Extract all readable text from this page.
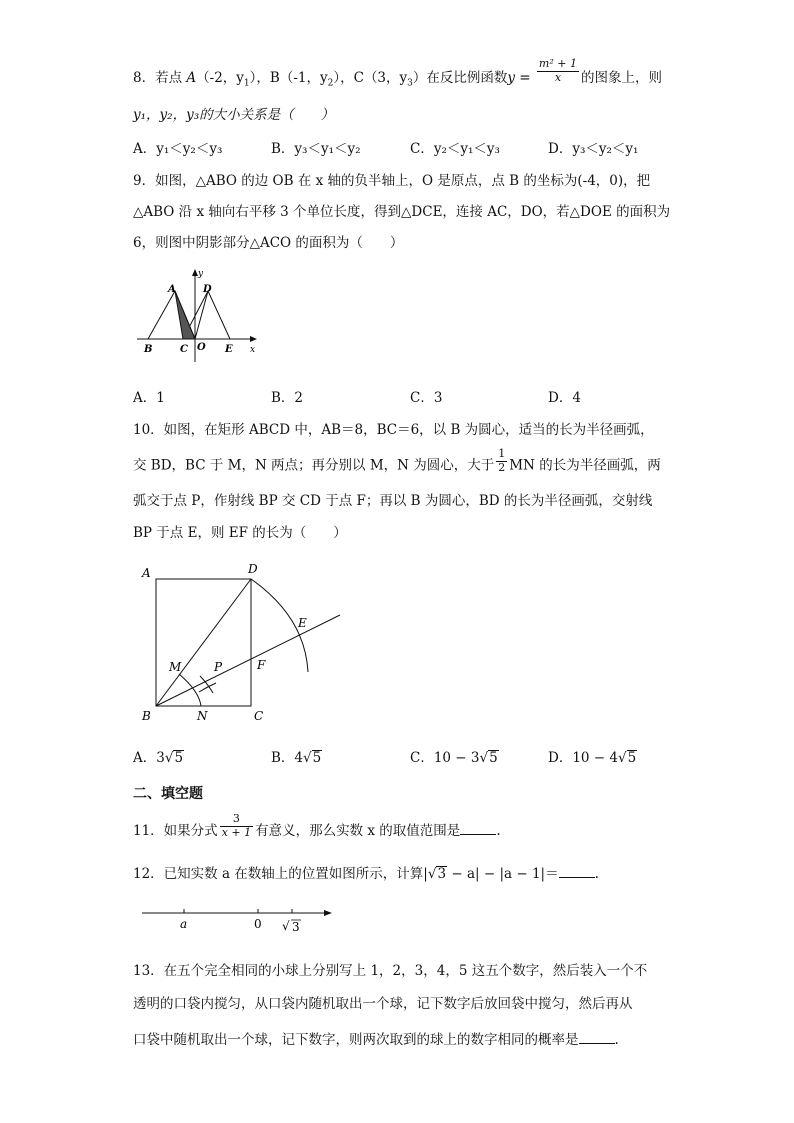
8．若点 A（-2，$y_1$），B（-1，$y_2$），C（3，$y_3$）在反比例函数$y = \frac{\text{m² + 1}}{x}$ 的图象上，则
y₁，y₂，y₃的大小关系是（　　）
A．y₁＜y₂＜y₃	B．y₃＜y₁＜y₂	C．y₂＜y₁＜y₃	D．y₃＜y₂＜y₁
9．如图，△ABO 的边 OB 在 x 轴的负半轴上，O 是原点，点 B 的坐标为(-4，0)，把
△ABO 沿 x 轴向右平移 3 个单位长度，得到△DCE，连接 AC，DO，若△DOE 的面积为
6，则图中阴影部分△ACO 的面积为（　　）
A	D
y
B	C O E x
A．1	B．2	C．3	D．4
10．如图，在矩形 ABCD 中，AB＝8，BC＝6，以 B 为圆心，适当的长为半径画弧，
交 BD，BC 于 M，N 两点；再分别以 M，N 为圆心，大于 $\frac{1}{2}$ MN 的长为半径画弧，两
弧交于点 P，作射线 BP 交 CD 于点 F；再以 B 为圆心，BD 的长为半径画弧，交射线
BP 于点 E，则 EF 的长为（　　）
A	D
E
M	P	F
B	N	C
A．3√5	B．4√5	C．10 − 3√5	D．10 − 4√5
二、填空题
11．如果分式 $\frac{3}{x + 1}$ 有意义，那么实数 x 的取值范围是	.
12．已知实数 a 在数轴上的位置如图所示，计算|√3 − a| − |a − 1|＝	.
a	0 √ 3
13．在五个完全相同的小球上分别写上 1，2，3，4，5 这五个数字，然后装入一个不
透明的口袋内搅匀，从口袋内随机取出一个球，记下数字后放回袋中搅匀，然后再从
口袋中随机取出一个球，记下数字，则两次取到的球上的数字相同的概率是	.
